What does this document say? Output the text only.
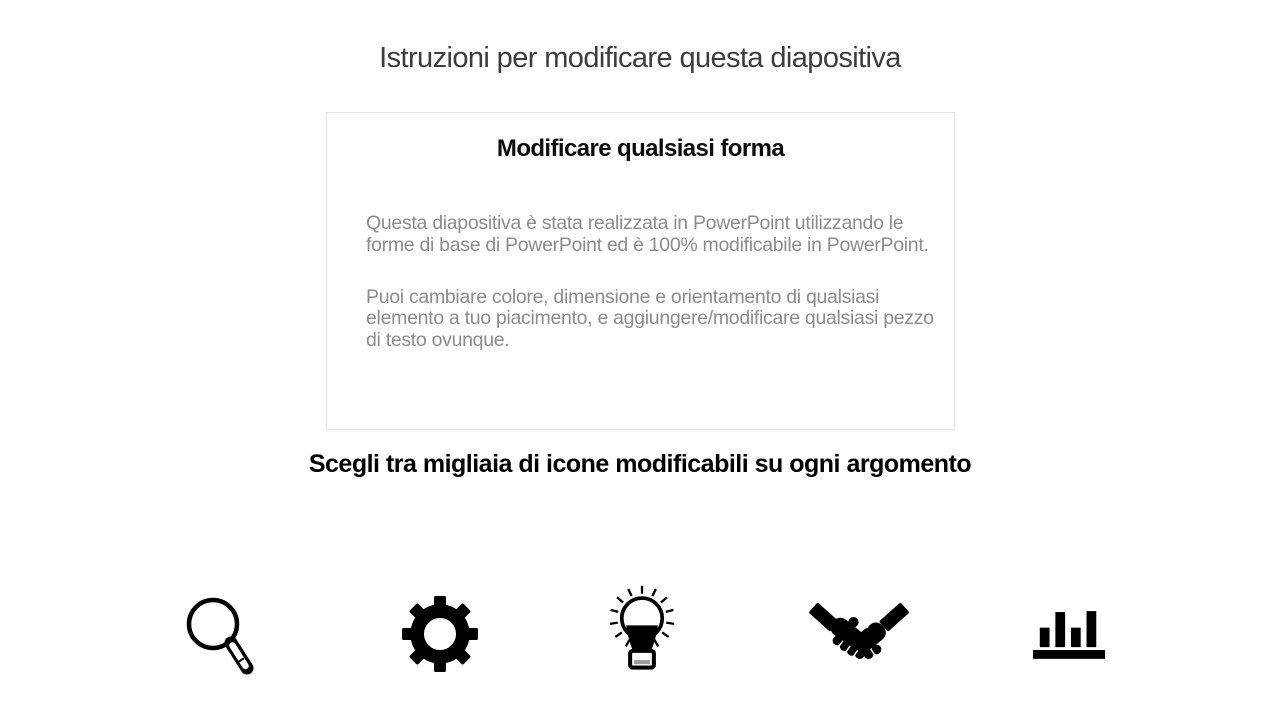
Istruzioni per modificare questa diapositiva
Modificare qualsiasi forma

Questa diapositiva è stata realizzata in PowerPoint utilizzando le forme di base di PowerPoint ed è 100% modificabile in PowerPoint.

Puoi cambiare colore, dimensione e orientamento di qualsiasi elemento a tuo piacimento, e aggiungere/modificare qualsiasi pezzo di testo ovunque.

Scegli tra migliaia di icone modificabili su ogni argomento
